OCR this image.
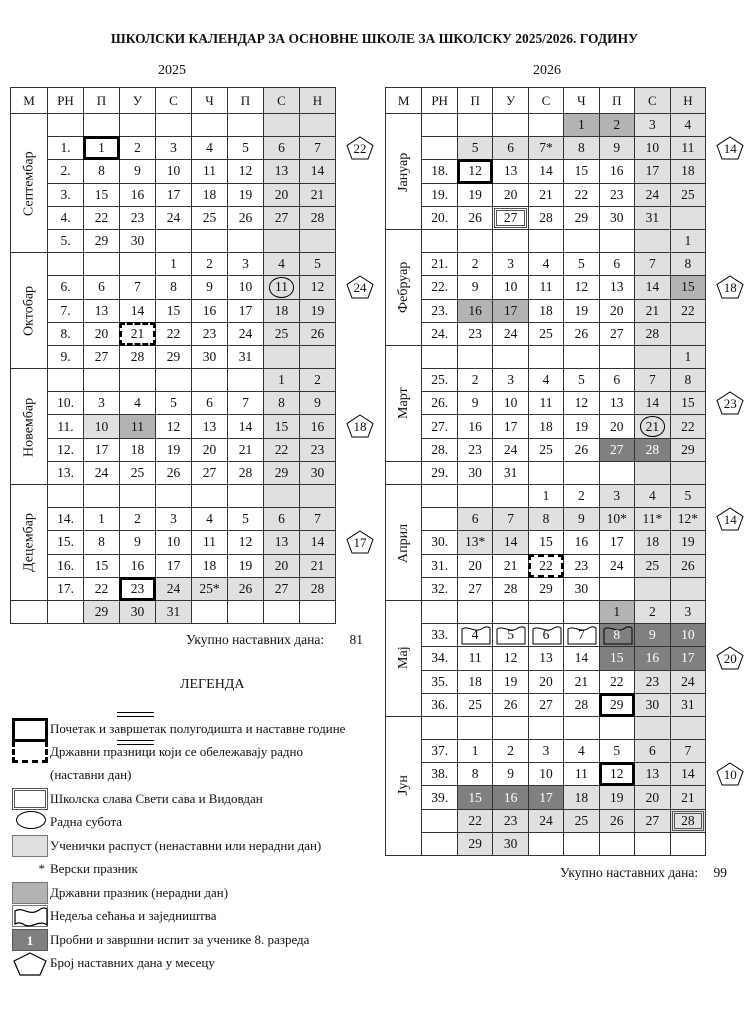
ШКОЛСКИ КАЛЕНДАР ЗА ОСНОВНЕ ШКОЛЕ ЗА ШКОЛСКУ 2025/2026. ГОДИНУ
2025	2026
М	РН	П	У	С	Ч	П	С	Н	
Септембар									
	1.	1	2	3	4	5	6	7	22

	2.	8	9	10	11	12	13	14	
	3.	15	16	17	18	19	20	21	
	4.	22	23	24	25	26	27	28	
	5.	29	30						
Октобар				1	2	3	4	5	
	6.	6	7	8	9	10	11	12	24

	7.	13	14	15	16	17	18	19	
	8.	20	21	22	23	24	25	26	
	9.	27	28	29	30	31			
Новембар							1	2	
	10.	3	4	5	6	7	8	9	
	11.	10	11	12	13	14	15	16	18

	12.	17	18	19	20	21	22	23	
	13.	24	25	26	27	28	29	30	
Децембар									
	14.	1	2	3	4	5	6	7	
	15.	8	9	10	11	12	13	14	17

	16.	15	16	17	18	19	20	21	
	17.	22	23	24	25*	26	27	28	
		29	30	31					
М	РН	П	У	С	Ч	П	С	Н	
Јануар					1	2	3	4	
		5	6	7*	8	9	10	11	14

	18.	12	13	14	15	16	17	18	
	19.	19	20	21	22	23	24	25	
	20.	26	27	28	29	30	31		
Фебруар								1	
	21.	2	3	4	5	6	7	8	
	22.	9	10	11	12	13	14	15	18

	23.	16	17	18	19	20	21	22	
	24.	23	24	25	26	27	28		
Март								1	
	25.	2	3	4	5	6	7	8	
	26.	9	10	11	12	13	14	15	23

	27.	16	17	18	19	20	21	22	
	28.	23	24	25	26	27	28	29	
	29.	30	31						
Април				1	2	3	4	5	
		6	7	8	9	10*	11*	12*	14

	30.	13*	14	15	16	17	18	19	
	31.	20	21	22	23	24	25	26	
	32.	27	28	29	30				
Мај						1	2	3	
	33.	4	5	6	7	8	9	10	
	34.	11	12	13	14	15	16	17	20

	35.	18	19	20	21	22	23	24	
	36.	25	26	27	28	29	30	31	
Јун									
	37.	1	2	3	4	5	6	7	
	38.	8	9	10	11	12	13	14	10

	39.	15	16	17	18	19	20	21	
		22	23	24	25	26	27	28	
		29	30						
Укупно наставних дана: 81
Укупно наставних дана: 99
ЛЕГЕНДА
Почетак и завршетак полугодишта и наставне године
Државни празници који се обележавају радно
(наставни дан)
Школска слава Свети сава и Видовдан
Радна субота
Ученички распуст (ненаставни или нерадни дан)
Верски празник
*
Државни празник (нерадни дан)
Недеља сећања и заједништва
Пробни и завршни испит за ученике 8. разреда
1
Број наставних дана у месецу
